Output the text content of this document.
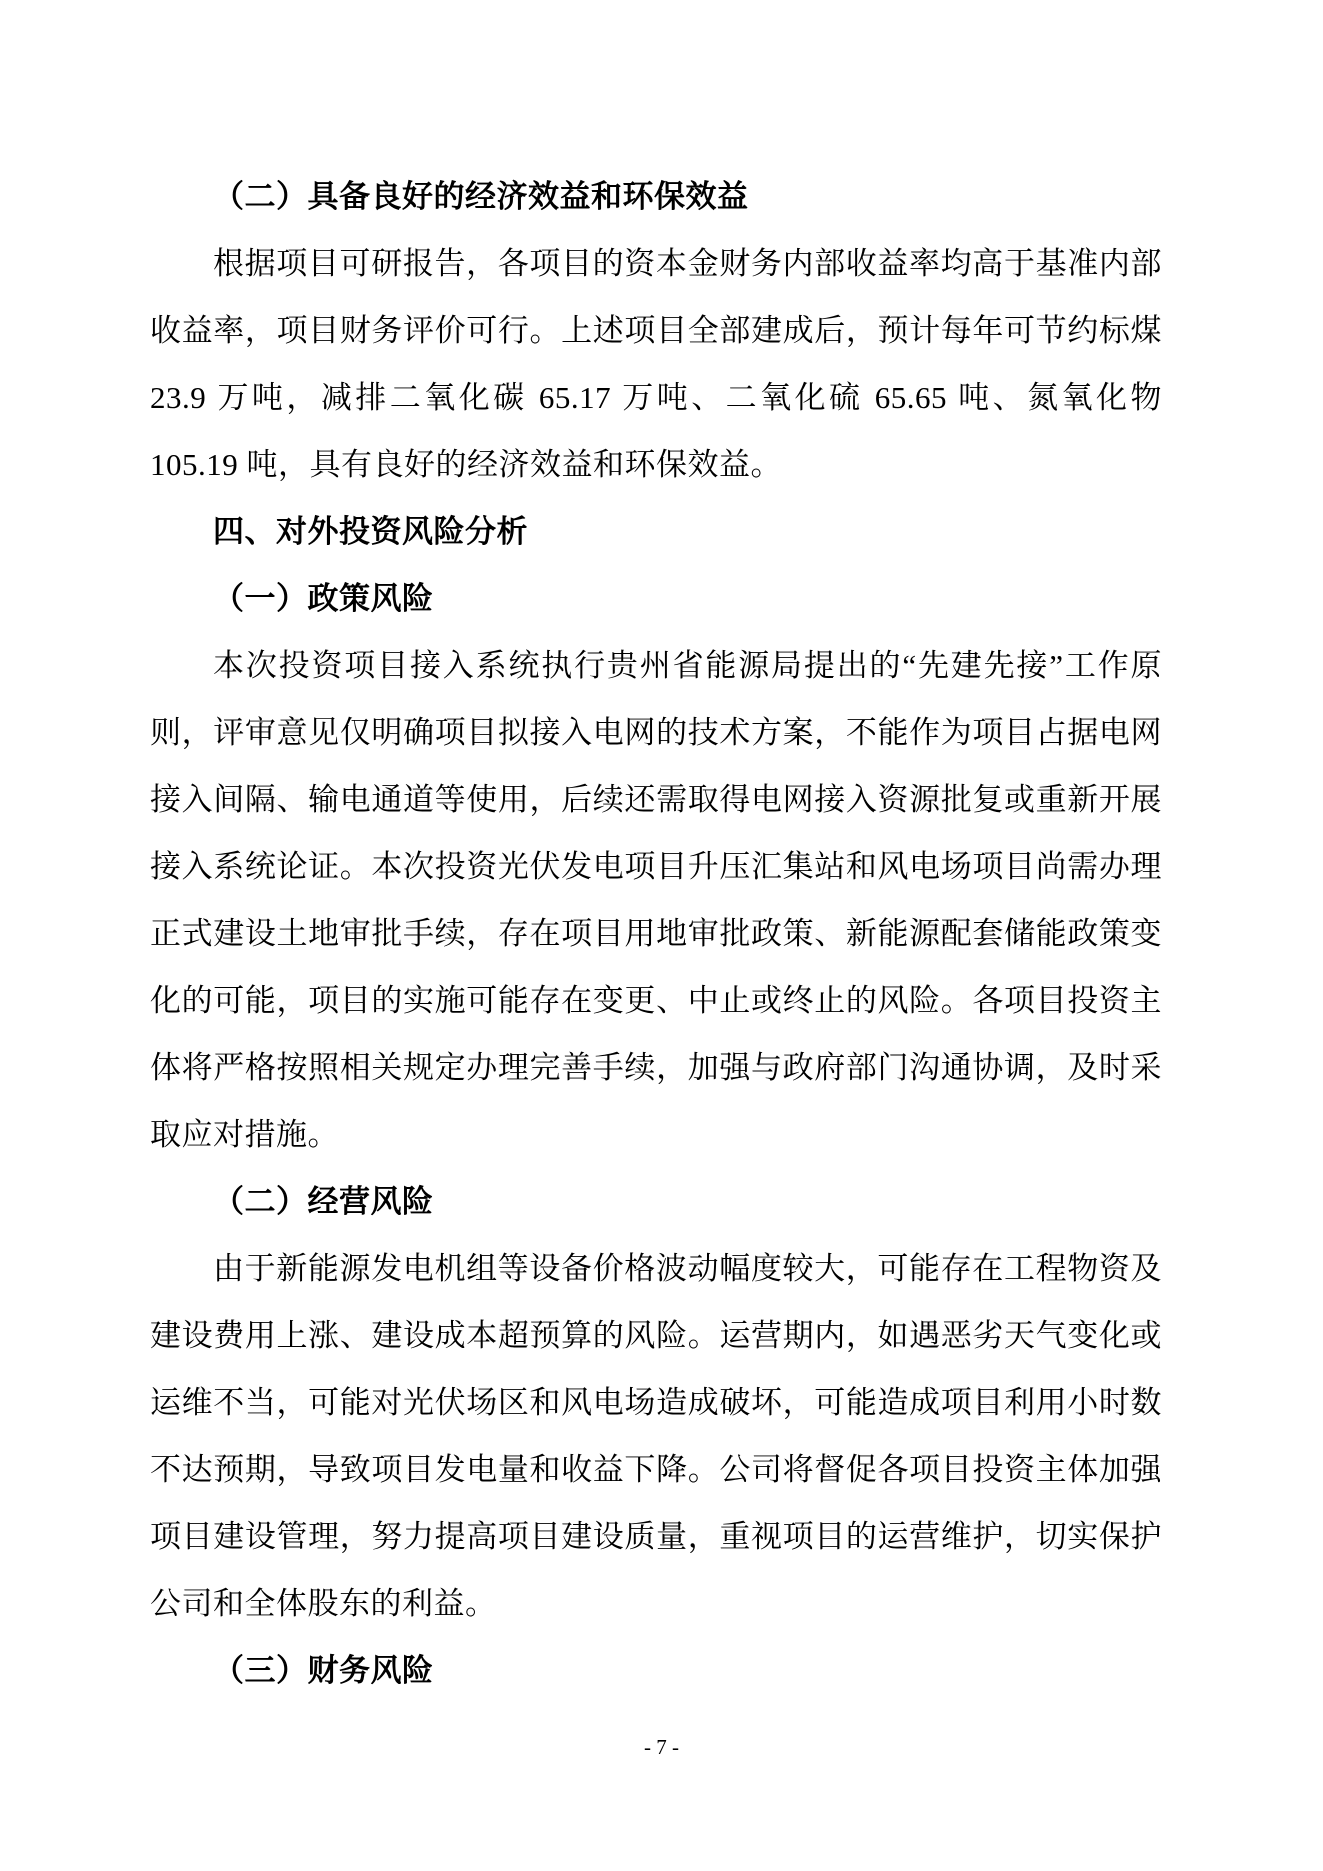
（二）具备良好的经济效益和环保效益

根据项目可研报告，各项目的资本金财务内部收益率均高于基准内部收益率，项目财务评价可行。上述项目全部建成后，预计每年可节约标煤 23.9 万吨，减排二氧化碳 65.17 万吨、二氧化硫 65.65 吨、氮氧化物 105.19 吨，具有良好的经济效益和环保效益。

四、对外投资风险分析
（一）政策风险

本次投资项目接入系统执行贵州省能源局提出的“先建先接”工作原则，评审意见仅明确项目拟接入电网的技术方案，不能作为项目占据电网接入间隔、输电通道等使用，后续还需取得电网接入资源批复或重新开展接入系统论证。本次投资光伏发电项目升压汇集站和风电场项目尚需办理正式建设土地审批手续，存在项目用地审批政策、新能源配套储能政策变化的可能，项目的实施可能存在变更、中止或终止的风险。各项目投资主体将严格按照相关规定办理完善手续，加强与政府部门沟通协调，及时采取应对措施。

（二）经营风险

由于新能源发电机组等设备价格波动幅度较大，可能存在工程物资及建设费用上涨、建设成本超预算的风险。运营期内，如遇恶劣天气变化或运维不当，可能对光伏场区和风电场造成破坏，可能造成项目利用小时数不达预期，导致项目发电量和收益下降。公司将督促各项目投资主体加强项目建设管理，努力提高项目建设质量，重视项目的运营维护，切实保护公司和全体股东的利益。

（三）财务风险
- 7 -
